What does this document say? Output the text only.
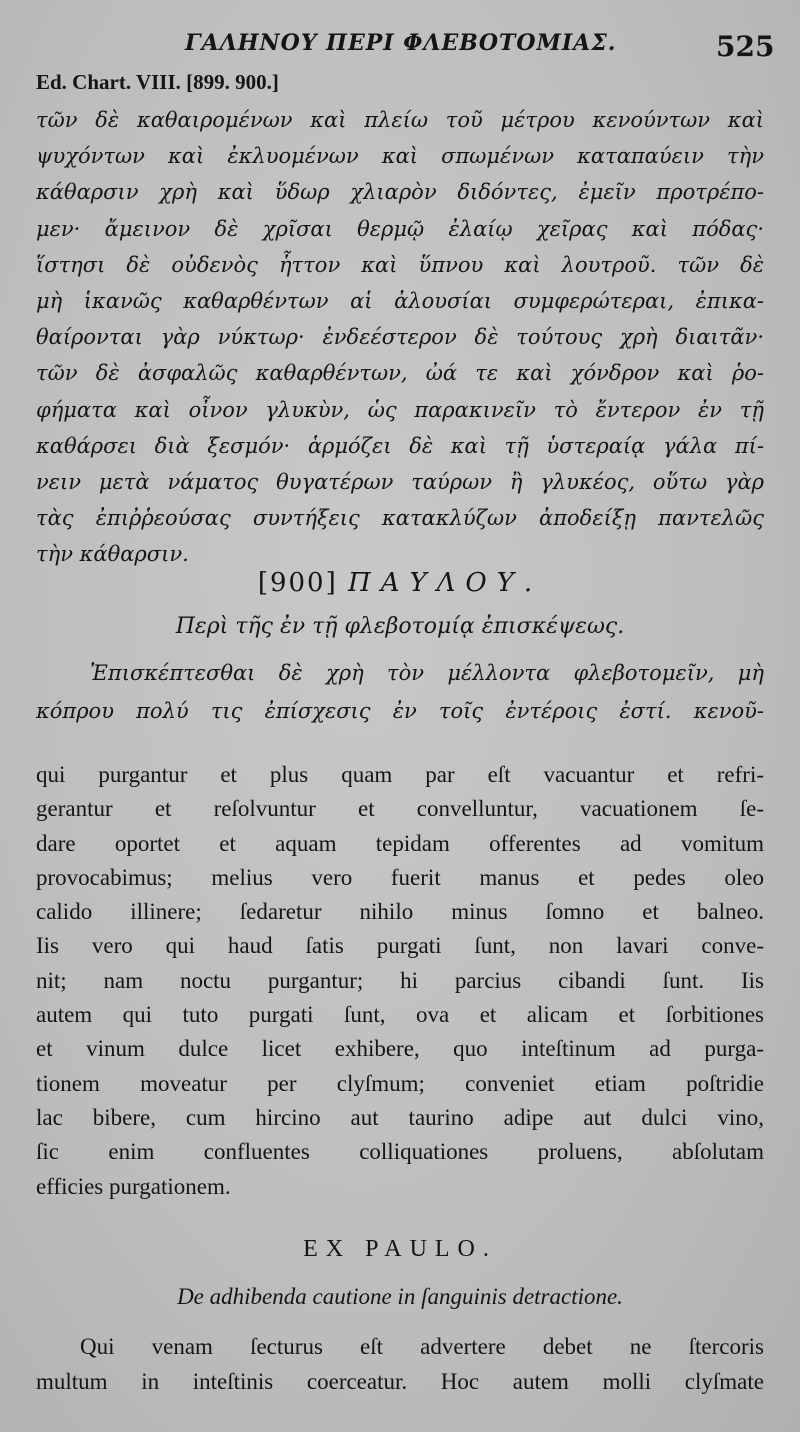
ΓΑΛΗΝΟΥ ΠΕΡΙ ΦΛΕΒΟΤΟΜΙΑΣ.	525
Ed. Chart. VIII. [899. 900.]
τῶν δὲ καθαιρομένων καὶ πλείω τοῦ μέτρου κενούντων καὶ
ψυχόντων καὶ ἐκλυομένων καὶ σπωμένων καταπαύειν τὴν
κάθαρσιν χρὴ καὶ ὕδωρ χλιαρὸν διδόντες, ἐμεῖν προτρέπο-
μεν· ἄμεινον δὲ χρῖσαι θερμῷ ἐλαίῳ χεῖρας καὶ πόδας·
ἵστησι δὲ οὐδενὸς ἧττον καὶ ὕπνου καὶ λουτροῦ. τῶν δὲ
μὴ ἱκανῶς καθαρθέντων αἱ ἀλουσίαι συμφερώτεραι, ἐπικα-
θαίρονται γὰρ νύκτωρ· ἐνδεέστερον δὲ τούτους χρὴ διαιτᾶν·
τῶν δὲ ἀσφαλῶς καθαρθέντων, ὠά τε καὶ χόνδρον καὶ ῥο-
φήματα καὶ οἶνον γλυκὺν, ὡς παρακινεῖν τὸ ἔντερον ἐν τῇ
καθάρσει διὰ ξεσμόν· ἁρμόζει δὲ καὶ τῇ ὑστεραίᾳ γάλα πί-
νειν μετὰ νάματος θυγατέρων ταύρων ἢ γλυκέος, οὕτω γὰρ
τὰς ἐπιῤῥεούσας συντήξεις κατακλύζων ἀποδείξῃ παντελῶς
τὴν κάθαρσιν.
[900] ΠΑΥΛΟΥ.
Περὶ τῆς ἐν τῇ φλεβοτομίᾳ ἐπισκέψεως.
Ἐπισκέπτεσθαι δὲ χρὴ τὸν μέλλοντα φλεβοτομεῖν, μὴ
κόπρου πολύ τις ἐπίσχεσις ἐν τοῖς ἐντέροις ἐστί. κενοῦ-
qui purgantur et plus quam par eſt vacuantur et refri-
gerantur et reſolvuntur et convelluntur, vacuationem ſe-
dare oportet et aquam tepidam offerentes ad vomitum
provocabimus; melius vero fuerit manus et pedes oleo
calido illinere; ſedaretur nihilo minus ſomno et balneo.
Iis vero qui haud ſatis purgati ſunt, non lavari conve-
nit; nam noctu purgantur; hi parcius cibandi ſunt. Iis
autem qui tuto purgati ſunt, ova et alicam et ſorbitiones
et vinum dulce licet exhibere, quo inteſtinum ad purga-
tionem moveatur per clyſmum; conveniet etiam poſtridie
lac bibere, cum hircino aut taurino adipe aut dulci vino,
ſic enim confluentes colliquationes proluens, abſolutam
efficies purgationem.
EX PAULO.
De adhibenda cautione in ſanguinis detractione.
Qui venam ſecturus eſt advertere debet ne ſtercoris
multum in inteſtinis coerceatur. Hoc autem molli clyſmate
